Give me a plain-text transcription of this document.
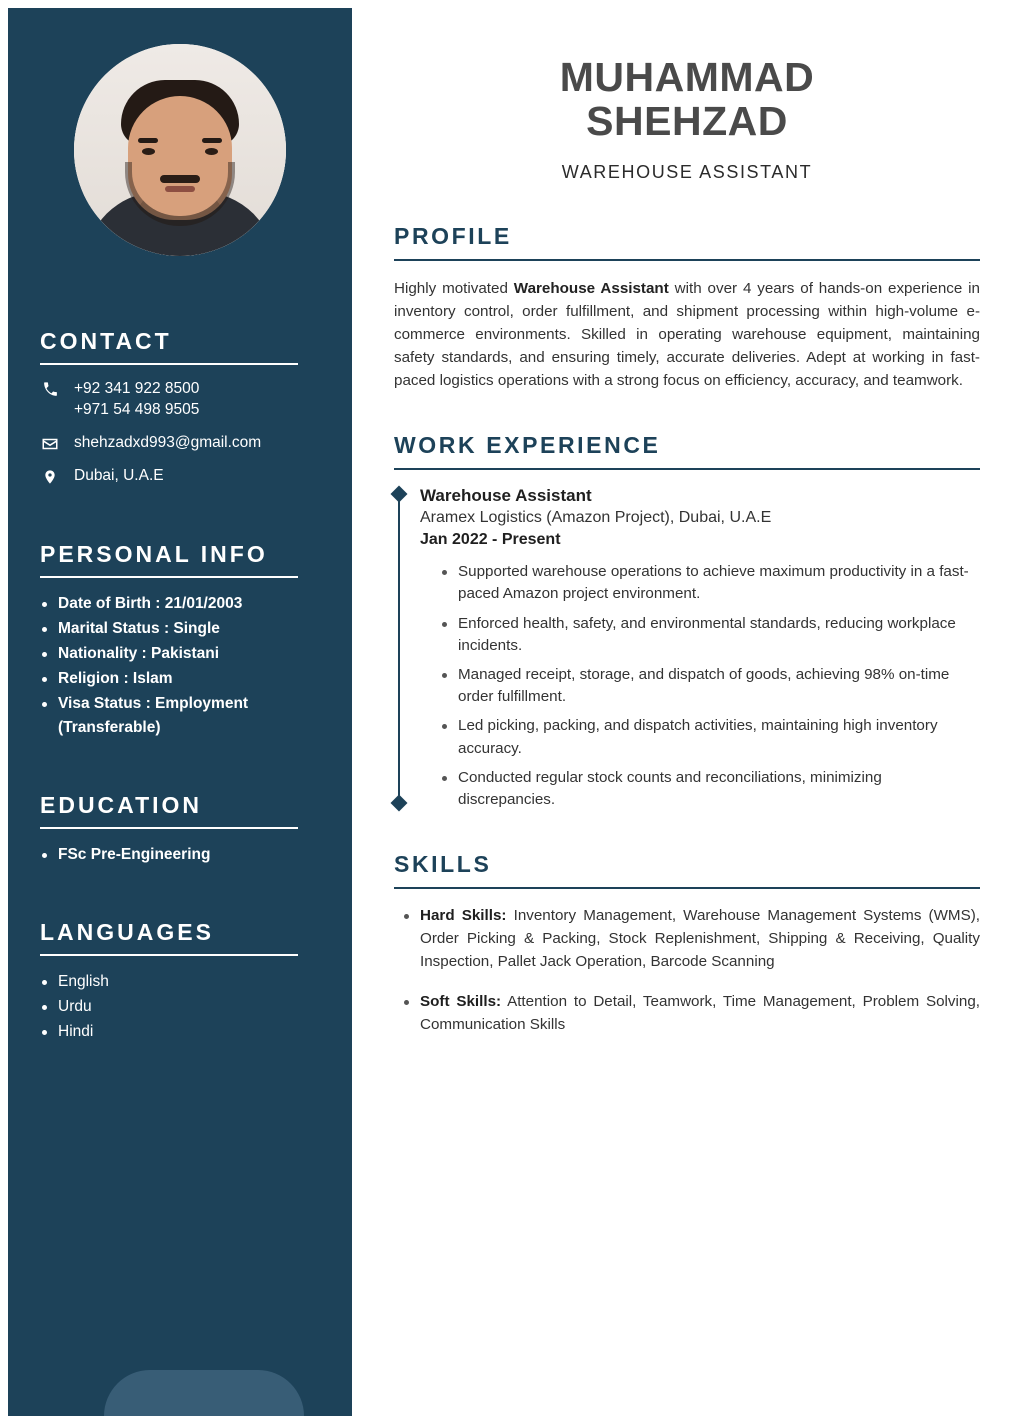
CONTACT
+92 341 922 8500
+971 54 498 9505
shehzadxd993@gmail.com
Dubai, U.A.E
PERSONAL INFO
Date of Birth : 21/01/2003
Marital Status : Single
Nationality : Pakistani
Religion : Islam
Visa Status : Employment (Transferable)
EDUCATION
FSc Pre-Engineering
LANGUAGES
English
Urdu
Hindi
MUHAMMAD
SHEHZAD
WAREHOUSE ASSISTANT
PROFILE

Highly motivated Warehouse Assistant with over 4 years of hands-on experience in inventory control, order fulfillment, and shipment processing within high-volume e-commerce environments. Skilled in operating warehouse equipment, maintaining safety standards, and ensuring timely, accurate deliveries. Adept at working in fast-paced logistics operations with a strong focus on efficiency, accuracy, and teamwork.

WORK EXPERIENCE
Warehouse Assistant
Aramex Logistics (Amazon Project), Dubai, U.A.E
Jan 2022 - Present
Supported warehouse operations to achieve maximum productivity in a fast-paced Amazon project environment.
Enforced health, safety, and environmental standards, reducing workplace incidents.
Managed receipt, storage, and dispatch of goods, achieving 98% on-time order fulfillment.
Led picking, packing, and dispatch activities, maintaining high inventory accuracy.
Conducted regular stock counts and reconciliations, minimizing discrepancies.
SKILLS
Hard Skills: Inventory Management, Warehouse Management Systems (WMS), Order Picking & Packing, Stock Replenishment, Shipping & Receiving, Quality Inspection, Pallet Jack Operation, Barcode Scanning
Soft Skills: Attention to Detail, Teamwork, Time Management, Problem Solving, Communication Skills
